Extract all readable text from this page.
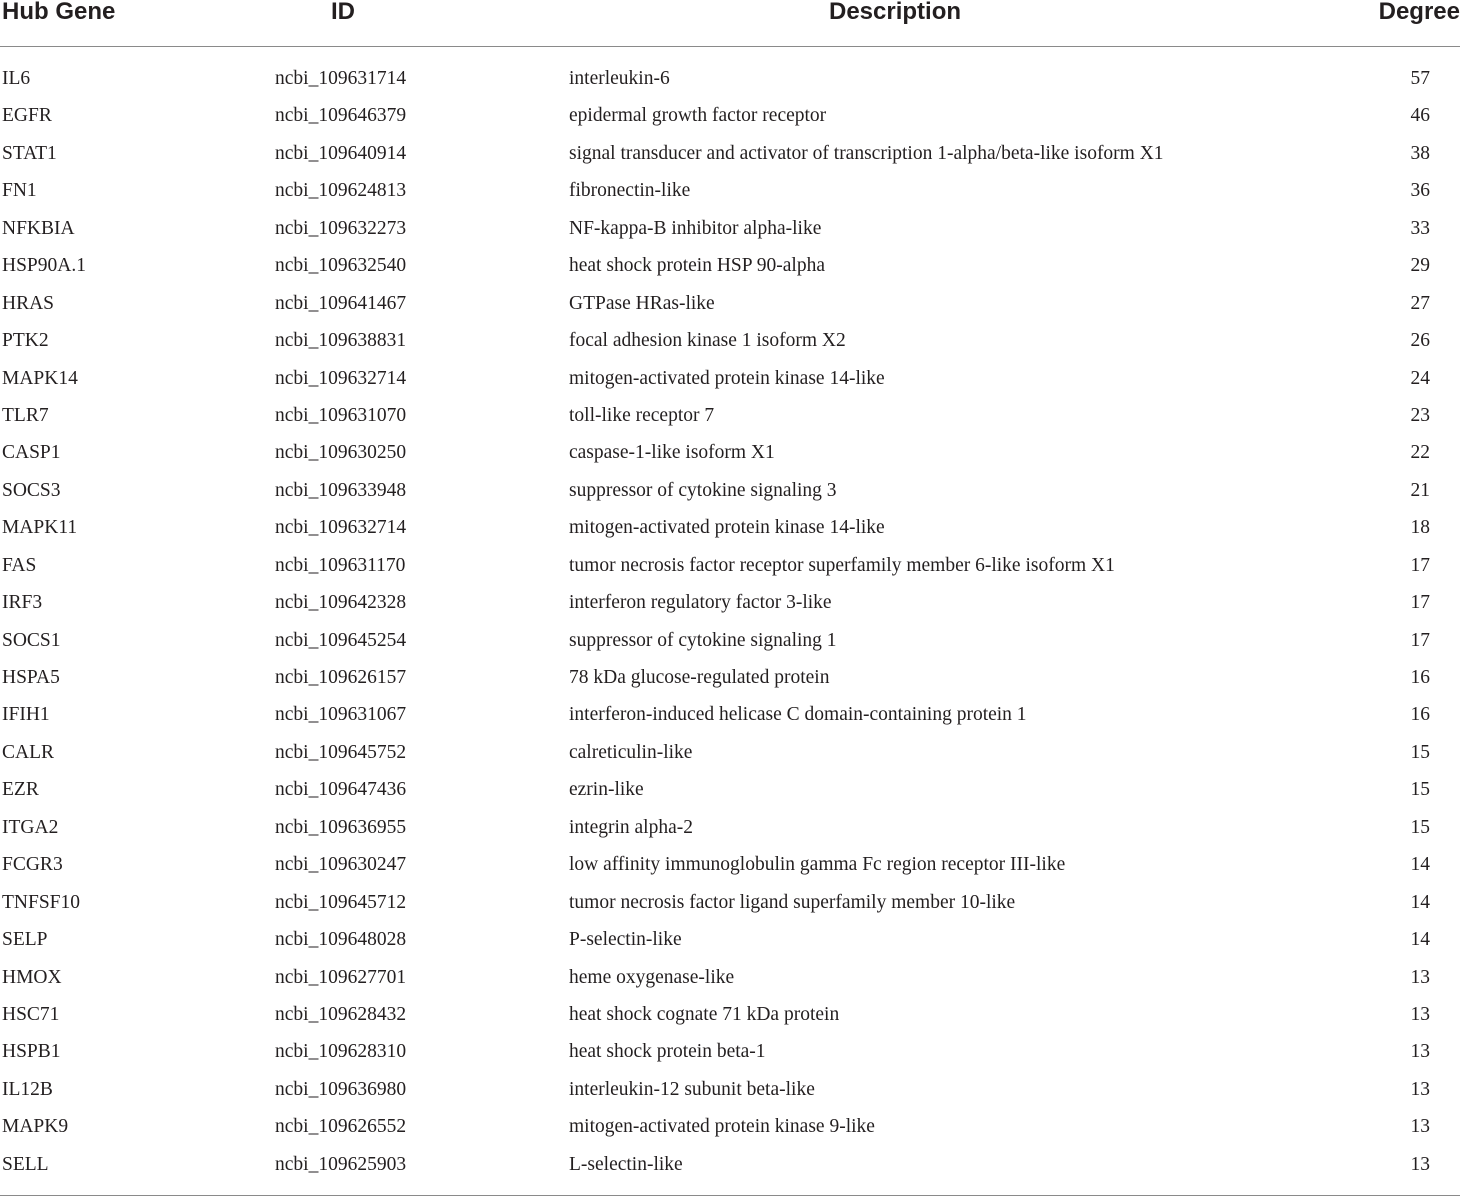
Hub Gene	ID	Description	Degree
IL6	ncbi_109631714	interleukin-6	57
EGFR	ncbi_109646379	epidermal growth factor receptor	46
STAT1	ncbi_109640914	signal transducer and activator of transcription 1-alpha/beta-like isoform X1	38
FN1	ncbi_109624813	fibronectin-like	36
NFKBIA	ncbi_109632273	NF-kappa-B inhibitor alpha-like	33
HSP90A.1	ncbi_109632540	heat shock protein HSP 90-alpha	29
HRAS	ncbi_109641467	GTPase HRas-like	27
PTK2	ncbi_109638831	focal adhesion kinase 1 isoform X2	26
MAPK14	ncbi_109632714	mitogen-activated protein kinase 14-like	24
TLR7	ncbi_109631070	toll-like receptor 7	23
CASP1	ncbi_109630250	caspase-1-like isoform X1	22
SOCS3	ncbi_109633948	suppressor of cytokine signaling 3	21
MAPK11	ncbi_109632714	mitogen-activated protein kinase 14-like	18
FAS	ncbi_109631170	tumor necrosis factor receptor superfamily member 6-like isoform X1	17
IRF3	ncbi_109642328	interferon regulatory factor 3-like	17
SOCS1	ncbi_109645254	suppressor of cytokine signaling 1	17
HSPA5	ncbi_109626157	78 kDa glucose-regulated protein	16
IFIH1	ncbi_109631067	interferon-induced helicase C domain-containing protein 1	16
CALR	ncbi_109645752	calreticulin-like	15
EZR	ncbi_109647436	ezrin-like	15
ITGA2	ncbi_109636955	integrin alpha-2	15
FCGR3	ncbi_109630247	low affinity immunoglobulin gamma Fc region receptor III-like	14
TNFSF10	ncbi_109645712	tumor necrosis factor ligand superfamily member 10-like	14
SELP	ncbi_109648028	P-selectin-like	14
HMOX	ncbi_109627701	heme oxygenase-like	13
HSC71	ncbi_109628432	heat shock cognate 71 kDa protein	13
HSPB1	ncbi_109628310	heat shock protein beta-1	13
IL12B	ncbi_109636980	interleukin-12 subunit beta-like	13
MAPK9	ncbi_109626552	mitogen-activated protein kinase 9-like	13
SELL	ncbi_109625903	L-selectin-like	13
